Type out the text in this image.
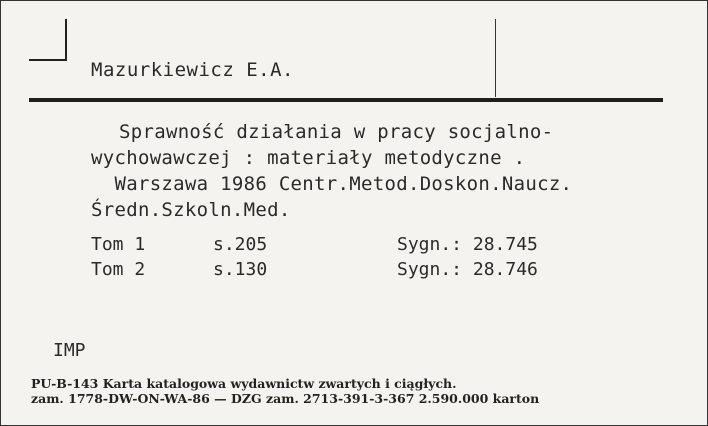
Mazurkiewicz E.A.
Sprawność działania w pracy socjalno-
wychowawczej : materiały metodyczne .
Warszawa 1986 Centr.Metod.Doskon.Naucz.
Średn.Szkoln.Med.
Tom 1	s.205	Sygn.: 28.745
Tom 2	s.130	Sygn.: 28.746
IMP
PU-B-143 Karta katalogowa wydawnictw zwartych i ciągłych.
zam. 1778-DW-ON-WA-86 — DZG zam. 2713-391-3-367 2.590.000 karton
